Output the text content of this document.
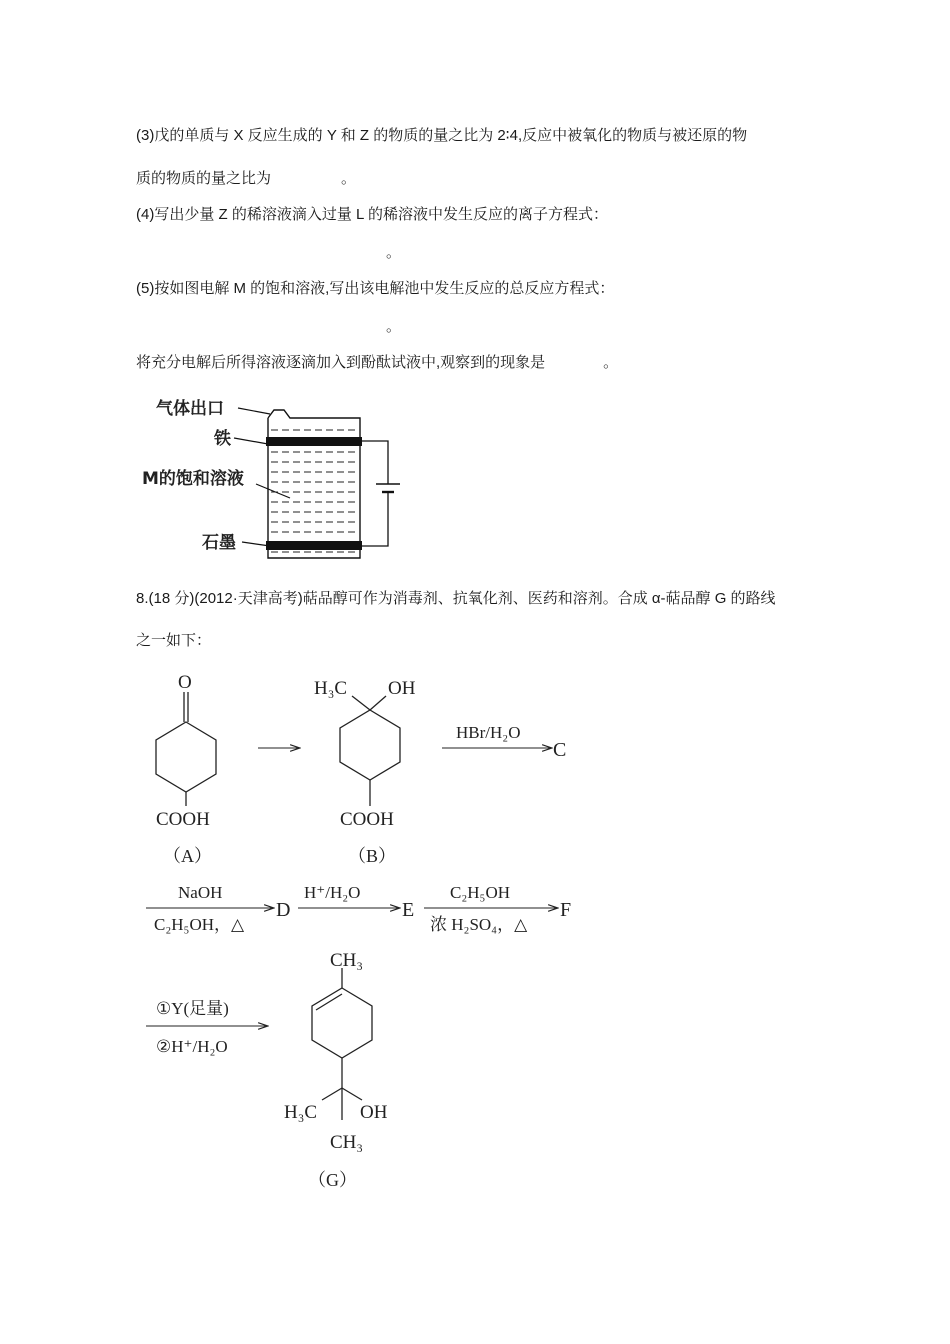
(3)戊的单质与 X 反应生成的 Y 和 Z 的物质的量之比为 2∶4,反应中被氧化的物质与被还原的物
质的物质的量之比为	。
(4)写出少量 Z 的稀溶液滴入过量 L 的稀溶液中发生反应的离子方程式：
。
(5)按如图电解 M 的饱和溶液,写出该电解池中发生反应的总反应方程式：
。
将充分电解后所得溶液逐滴加入到酚酞试液中,观察到的现象是	。
气体出口
铁
M的饱和溶液
石墨
8.(18 分)(2012·天津高考)萜品醇可作为消毒剂、抗氧化剂、医药和溶剂。合成 α-萜品醇 G 的路线
之一如下：
O
COOH
（A）
H₃C OH
COOH
（B）
HBr/H₂O
C
NaOH
C₂H₅OH，△
D
H⁺/H₂O
E
C₂H₅OH
浓 H₂SO₄，△
F
①Y(足量)
②H⁺/H₂O
CH₃
H₃C OH
CH₃
（G）
